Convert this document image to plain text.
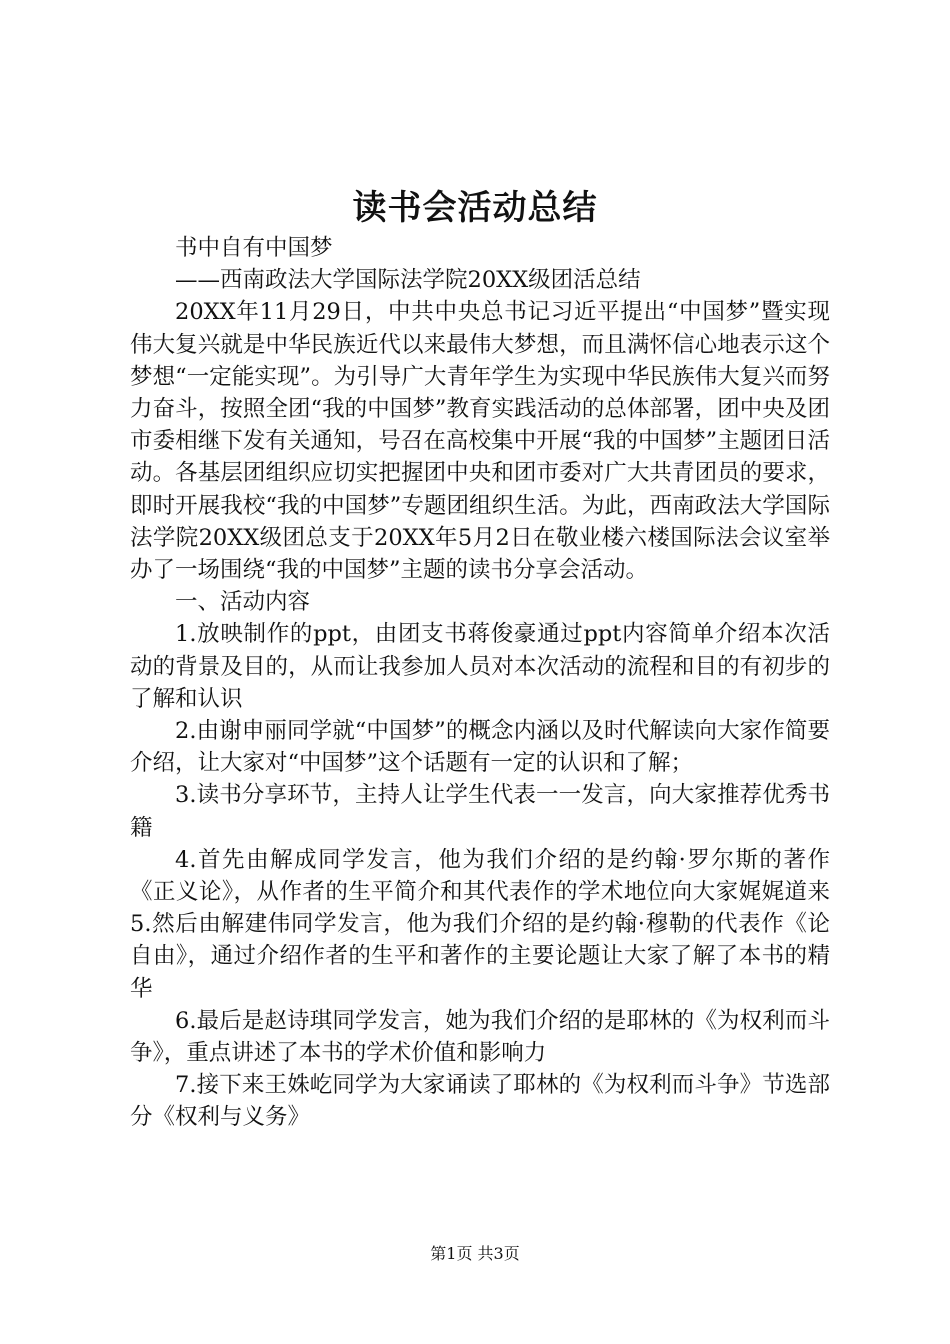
读书会活动总结

书中自有中国梦

——西南政法大学国际法学院20XX级团活总结

20XX年11月29日，中共中央总书记习近平提出“中国梦”暨实现伟大复兴就是中华民族近代以来最伟大梦想，而且满怀信心地表示这个梦想“一定能实现”。为引导广大青年学生为实现中华民族伟大复兴而努力奋斗，按照全团“我的中国梦”教育实践活动的总体部署，团中央及团市委相继下发有关通知，号召在高校集中开展“我的中国梦”主题团日活动。各基层团组织应切实把握团中央和团市委对广大共青团员的要求，即时开展我校“我的中国梦”专题团组织生活。为此，西南政法大学国际法学院20XX级团总支于20XX年5月2日在敬业楼六楼国际法会议室举办了一场围绕“我的中国梦”主题的读书分享会活动。

一、活动内容

1.放映制作的ppt，由团支书蒋俊豪通过ppt内容简单介绍本次活动的背景及目的，从而让我参加人员对本次活动的流程和目的有初步的了解和认识

2.由谢申丽同学就“中国梦”的概念内涵以及时代解读向大家作简要介绍，让大家对“中国梦”这个话题有一定的认识和了解；

3.读书分享环节，主持人让学生代表一一发言，向大家推荐优秀书籍

4.首先由解成同学发言，他为我们介绍的是约翰·罗尔斯的著作《正义论》，从作者的生平简介和其代表作的学术地位向大家娓娓道来5.然后由解建伟同学发言，他为我们介绍的是约翰·穆勒的代表作《论自由》，通过介绍作者的生平和著作的主要论题让大家了解了本书的精华

6.最后是赵诗琪同学发言，她为我们介绍的是耶林的《为权利而斗争》，重点讲述了本书的学术价值和影响力

7.接下来王姝屹同学为大家诵读了耶林的《为权利而斗争》节选部分《权利与义务》

第1页 共3页
